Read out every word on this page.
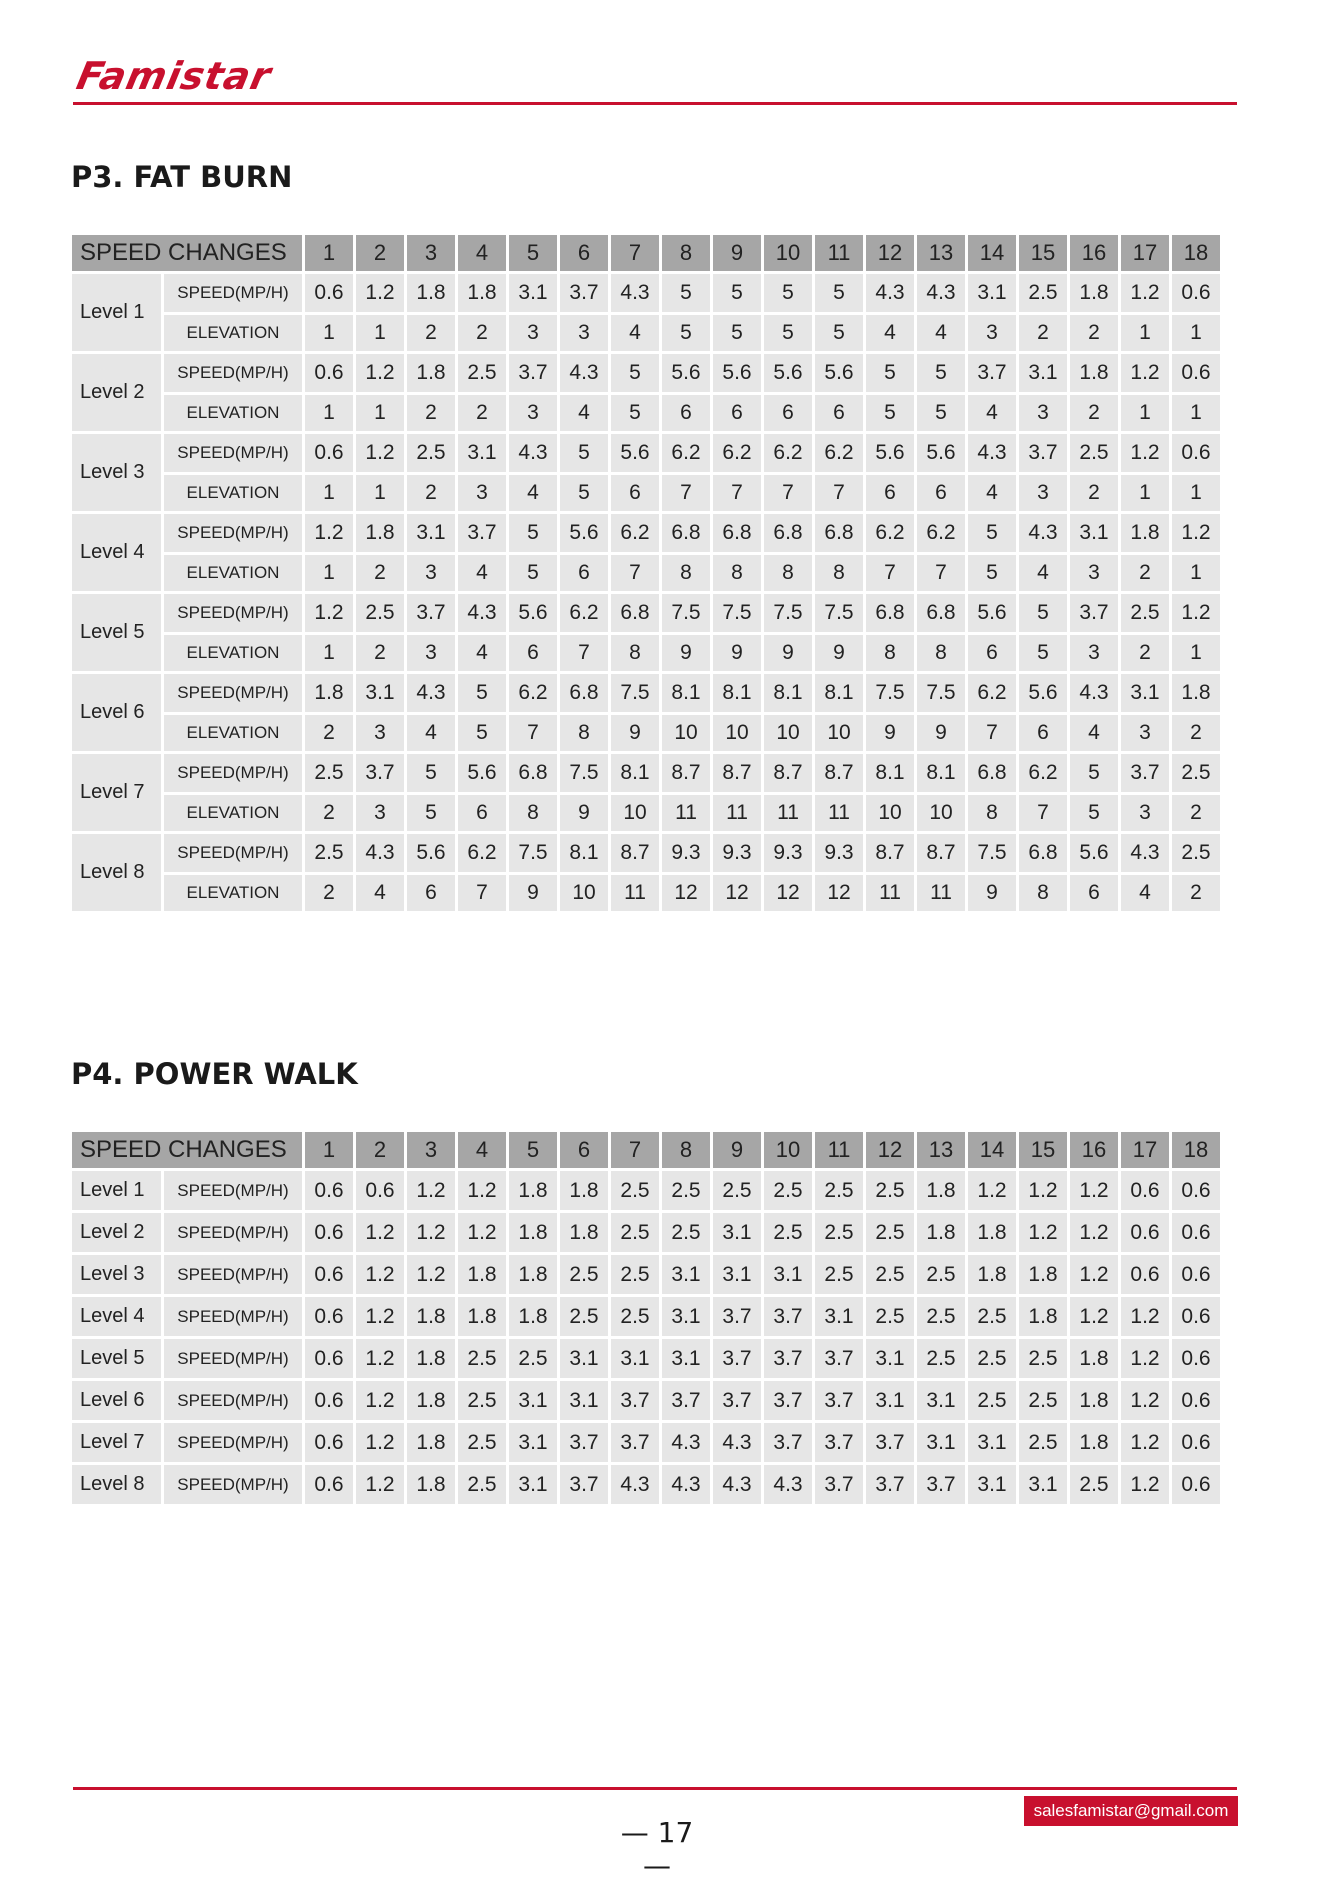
Famistar
P3. FAT BURN
SPEED CHANGES		1	2	3	4	5	6	7	8	9	10	11	12	13	14	15	16	17	18
Level 1	SPEED(MP/H)	0.6	1.2	1.8	1.8	3.1	3.7	4.3	5	5	5	5	4.3	4.3	3.1	2.5	1.8	1.2	0.6
	ELEVATION	1	1	2	2	3	3	4	5	5	5	5	4	4	3	2	2	1	1
Level 2	SPEED(MP/H)	0.6	1.2	1.8	2.5	3.7	4.3	5	5.6	5.6	5.6	5.6	5	5	3.7	3.1	1.8	1.2	0.6
	ELEVATION	1	1	2	2	3	4	5	6	6	6	6	5	5	4	3	2	1	1
Level 3	SPEED(MP/H)	0.6	1.2	2.5	3.1	4.3	5	5.6	6.2	6.2	6.2	6.2	5.6	5.6	4.3	3.7	2.5	1.2	0.6
	ELEVATION	1	1	2	3	4	5	6	7	7	7	7	6	6	4	3	2	1	1
Level 4	SPEED(MP/H)	1.2	1.8	3.1	3.7	5	5.6	6.2	6.8	6.8	6.8	6.8	6.2	6.2	5	4.3	3.1	1.8	1.2
	ELEVATION	1	2	3	4	5	6	7	8	8	8	8	7	7	5	4	3	2	1
Level 5	SPEED(MP/H)	1.2	2.5	3.7	4.3	5.6	6.2	6.8	7.5	7.5	7.5	7.5	6.8	6.8	5.6	5	3.7	2.5	1.2
	ELEVATION	1	2	3	4	6	7	8	9	9	9	9	8	8	6	5	3	2	1
Level 6	SPEED(MP/H)	1.8	3.1	4.3	5	6.2	6.8	7.5	8.1	8.1	8.1	8.1	7.5	7.5	6.2	5.6	4.3	3.1	1.8
	ELEVATION	2	3	4	5	7	8	9	10	10	10	10	9	9	7	6	4	3	2
Level 7	SPEED(MP/H)	2.5	3.7	5	5.6	6.8	7.5	8.1	8.7	8.7	8.7	8.7	8.1	8.1	6.8	6.2	5	3.7	2.5
	ELEVATION	2	3	5	6	8	9	10	11	11	11	11	10	10	8	7	5	3	2
Level 8	SPEED(MP/H)	2.5	4.3	5.6	6.2	7.5	8.1	8.7	9.3	9.3	9.3	9.3	8.7	8.7	7.5	6.8	5.6	4.3	2.5
	ELEVATION	2	4	6	7	9	10	11	12	12	12	12	11	11	9	8	6	4	2
P4. POWER WALK
SPEED CHANGES		1	2	3	4	5	6	7	8	9	10	11	12	13	14	15	16	17	18
Level 1	SPEED(MP/H)	0.6	0.6	1.2	1.2	1.8	1.8	2.5	2.5	2.5	2.5	2.5	2.5	1.8	1.2	1.2	1.2	0.6	0.6
Level 2	SPEED(MP/H)	0.6	1.2	1.2	1.2	1.8	1.8	2.5	2.5	3.1	2.5	2.5	2.5	1.8	1.8	1.2	1.2	0.6	0.6
Level 3	SPEED(MP/H)	0.6	1.2	1.2	1.8	1.8	2.5	2.5	3.1	3.1	3.1	2.5	2.5	2.5	1.8	1.8	1.2	0.6	0.6
Level 4	SPEED(MP/H)	0.6	1.2	1.8	1.8	1.8	2.5	2.5	3.1	3.7	3.7	3.1	2.5	2.5	2.5	1.8	1.2	1.2	0.6
Level 5	SPEED(MP/H)	0.6	1.2	1.8	2.5	2.5	3.1	3.1	3.1	3.7	3.7	3.7	3.1	2.5	2.5	2.5	1.8	1.2	0.6
Level 6	SPEED(MP/H)	0.6	1.2	1.8	2.5	3.1	3.1	3.7	3.7	3.7	3.7	3.7	3.1	3.1	2.5	2.5	1.8	1.2	0.6
Level 7	SPEED(MP/H)	0.6	1.2	1.8	2.5	3.1	3.7	3.7	4.3	4.3	3.7	3.7	3.7	3.1	3.1	2.5	1.8	1.2	0.6
Level 8	SPEED(MP/H)	0.6	1.2	1.8	2.5	3.1	3.7	4.3	4.3	4.3	4.3	3.7	3.7	3.7	3.1	3.1	2.5	1.2	0.6
salesfamistar@gmail.com
— 17 —
